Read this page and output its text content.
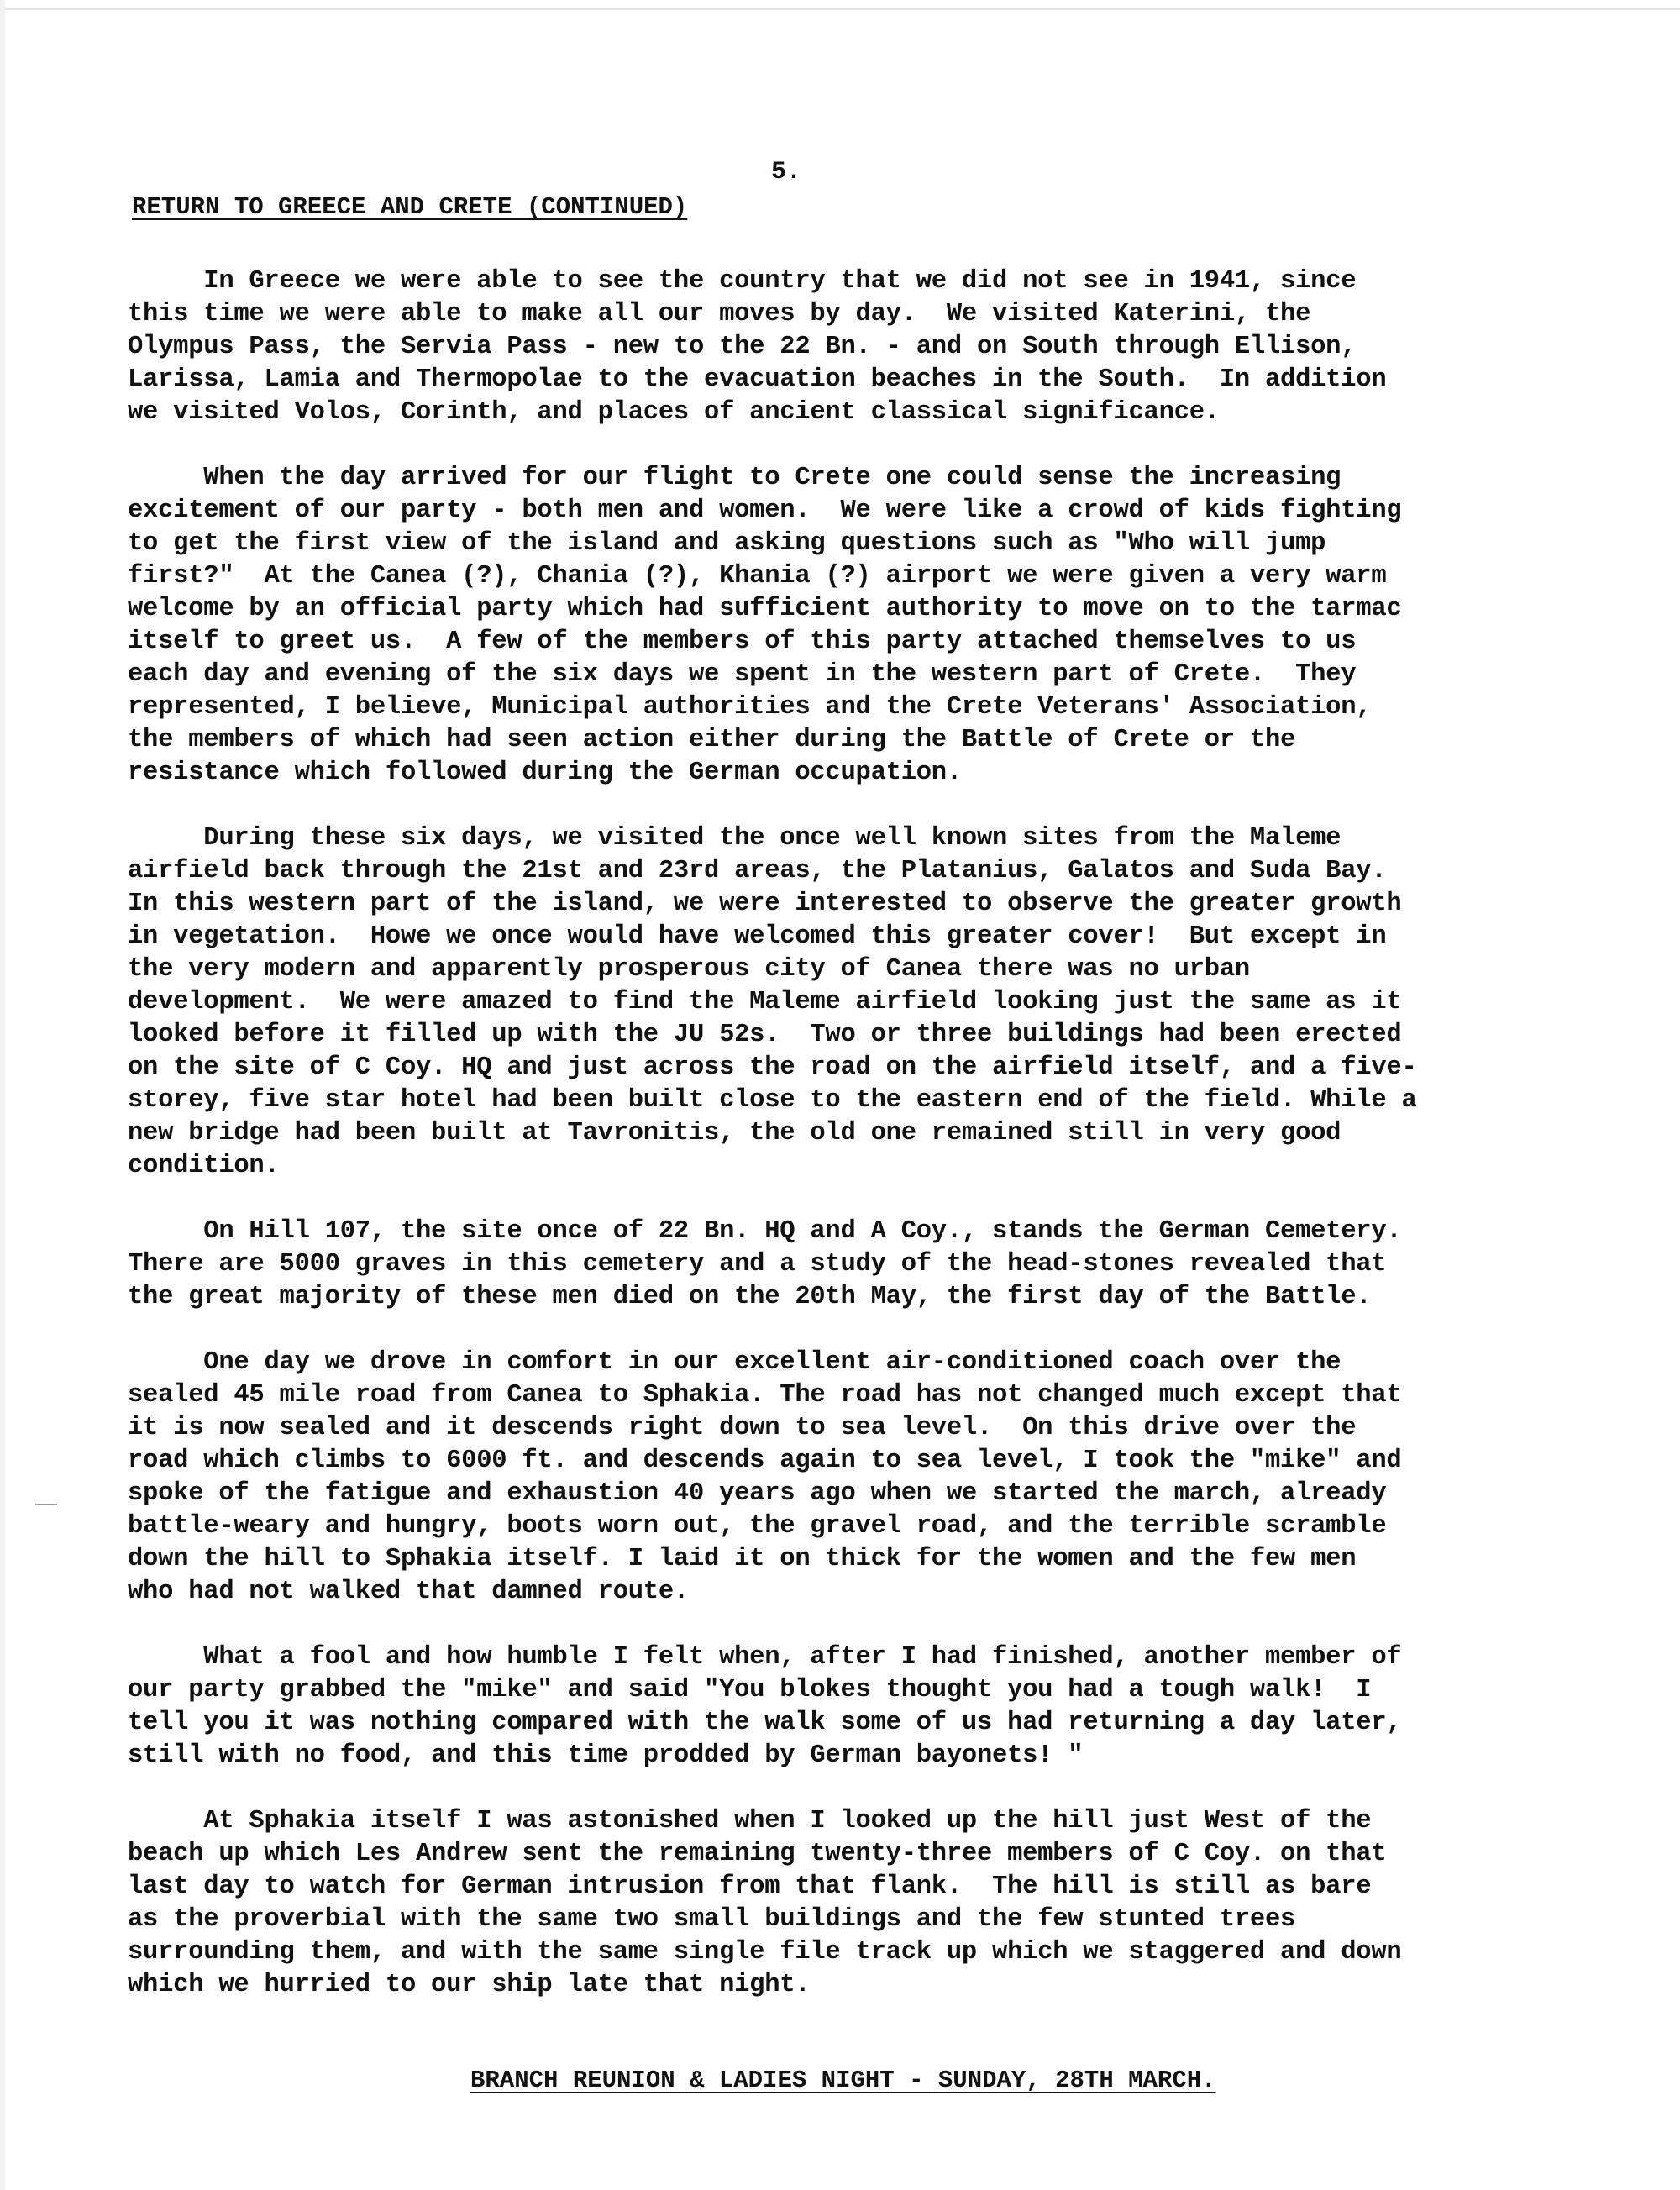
5.
RETURN TO GREECE AND CRETE (CONTINUED)
In Greece we were able to see the country that we did not see in 1941, since
this time we were able to make all our moves by day.  We visited Katerini, the
Olympus Pass, the Servia Pass - new to the 22 Bn. - and on South through Ellison,
Larissa, Lamia and Thermopolae to the evacuation beaches in the South.  In addition
we visited Volos, Corinth, and places of ancient classical significance.
When the day arrived for our flight to Crete one could sense the increasing
excitement of our party - both men and women.  We were like a crowd of kids fighting
to get the first view of the island and asking questions such as "Who will jump
first?"  At the Canea (?), Chania (?), Khania (?) airport we were given a very warm
welcome by an official party which had sufficient authority to move on to the tarmac
itself to greet us.  A few of the members of this party attached themselves to us
each day and evening of the six days we spent in the western part of Crete.  They
represented, I believe, Municipal authorities and the Crete Veterans' Association,
the members of which had seen action either during the Battle of Crete or the
resistance which followed during the German occupation.
During these six days, we visited the once well known sites from the Maleme
airfield back through the 21st and 23rd areas, the Platanius, Galatos and Suda Bay.
In this western part of the island, we were interested to observe the greater growth
in vegetation.  Howe we once would have welcomed this greater cover!  But except in
the very modern and apparently prosperous city of Canea there was no urban
development.  We were amazed to find the Maleme airfield looking just the same as it
looked before it filled up with the JU 52s.  Two or three buildings had been erected
on the site of C Coy. HQ and just across the road on the airfield itself, and a five-
storey, five star hotel had been built close to the eastern end of the field. While a
new bridge had been built at Tavronitis, the old one remained still in very good
condition.
On Hill 107, the site once of 22 Bn. HQ and A Coy., stands the German Cemetery.
There are 5000 graves in this cemetery and a study of the head-stones revealed that
the great majority of these men died on the 20th May, the first day of the Battle.
One day we drove in comfort in our excellent air-conditioned coach over the
sealed 45 mile road from Canea to Sphakia. The road has not changed much except that
it is now sealed and it descends right down to sea level.  On this drive over the
road which climbs to 6000 ft. and descends again to sea level, I took the "mike" and
spoke of the fatigue and exhaustion 40 years ago when we started the march, already
battle-weary and hungry, boots worn out, the gravel road, and the terrible scramble
down the hill to Sphakia itself. I laid it on thick for the women and the few men
who had not walked that damned route.
What a fool and how humble I felt when, after I had finished, another member of
our party grabbed the "mike" and said "You blokes thought you had a tough walk!  I
tell you it was nothing compared with the walk some of us had returning a day later,
still with no food, and this time prodded by German bayonets! "
At Sphakia itself I was astonished when I looked up the hill just West of the
beach up which Les Andrew sent the remaining twenty-three members of C Coy. on that
last day to watch for German intrusion from that flank.  The hill is still as bare
as the proverbial with the same two small buildings and the few stunted trees
surrounding them, and with the same single file track up which we staggered and down
which we hurried to our ship late that night.
BRANCH REUNION & LADIES NIGHT - SUNDAY, 28TH MARCH.
